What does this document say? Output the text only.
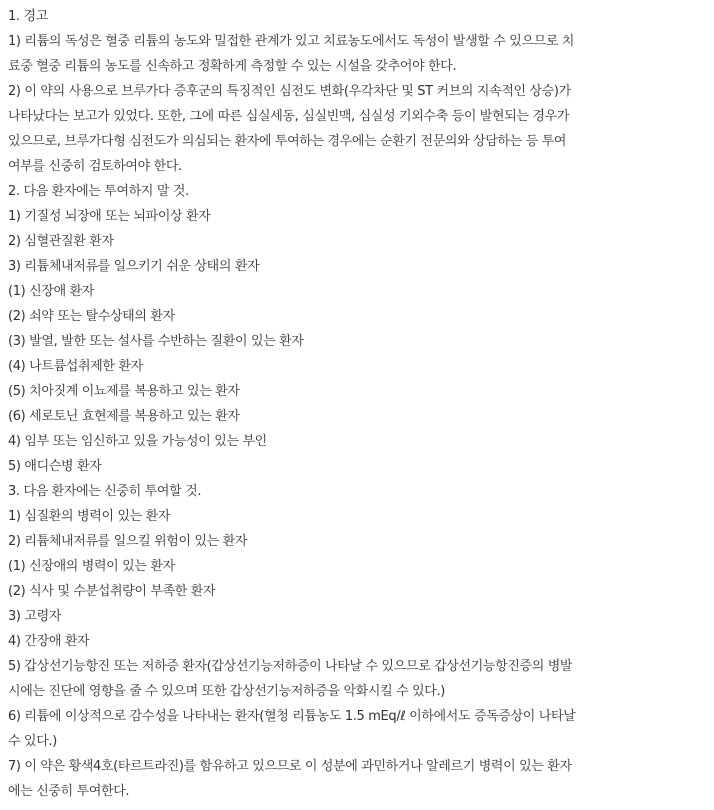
1. 경고
1) 리튬의 독성은 혈중 리튬의 농도와 밀접한 관계가 있고 치료농도에서도 독성이 발생할 수 있으므로 치
료중 혈중 리튬의 농도를 신속하고 정확하게 측정할 수 있는 시설을 갖추어야 한다.
2) 이 약의 사용으로 브루가다 증후군의 특징적인 심전도 변화(우각차단 및 ST 커브의 지속적인 상승)가
나타났다는 보고가 있었다. 또한, 그에 따른 심실세동, 심실빈맥, 심실성 기외수축 등이 발현되는 경우가
있으므로, 브루가다형 심전도가 의심되는 환자에 투여하는 경우에는 순환기 전문의와 상담하는 등 투여
여부를 신중히 검토하여야 한다.
2. 다음 환자에는 투여하지 말 것.
1) 기질성 뇌장애 또는 뇌파이상 환자
2) 심혈관질환 환자
3) 리튬체내저류를 일으키기 쉬운 상태의 환자
(1) 신장애 환자
(2) 쇠약 또는 탈수상태의 환자
(3) 발열, 발한 또는 설사를 수반하는 질환이 있는 환자
(4) 나트륨섭취제한 환자
(5) 치아짓계 이뇨제를 복용하고 있는 환자
(6) 세로토닌 효현제를 복용하고 있는 환자
4) 임부 또는 임신하고 있을 가능성이 있는 부인
5) 애디슨병 환자
3. 다음 환자에는 신중히 투여할 것.
1) 심질환의 병력이 있는 환자
2) 리튬체내저류를 일으킬 위험이 있는 환자
(1) 신장애의 병력이 있는 환자
(2) 식사 및 수분섭취량이 부족한 환자
3) 고령자
4) 간장애 환자
5) 갑상선기능항진 또는 저하증 환자(갑상선기능저하증이 나타날 수 있으므로 갑상선기능항진증의 병발
시에는 진단에 영향을 줄 수 있으며 또한 갑상선기능저하증을 악화시킬 수 있다.)
6) 리튬에 이상적으로 감수성을 나타내는 환자(혈청 리튬농도 1.5 mEq/ℓ 이하에서도 증독증상이 나타날
수 있다.)
7) 이 약은 황색4호(타르트라진)를 함유하고 있으므로 이 성분에 과민하거나 알레르기 병력이 있는 환자
에는 신중히 투여한다.
